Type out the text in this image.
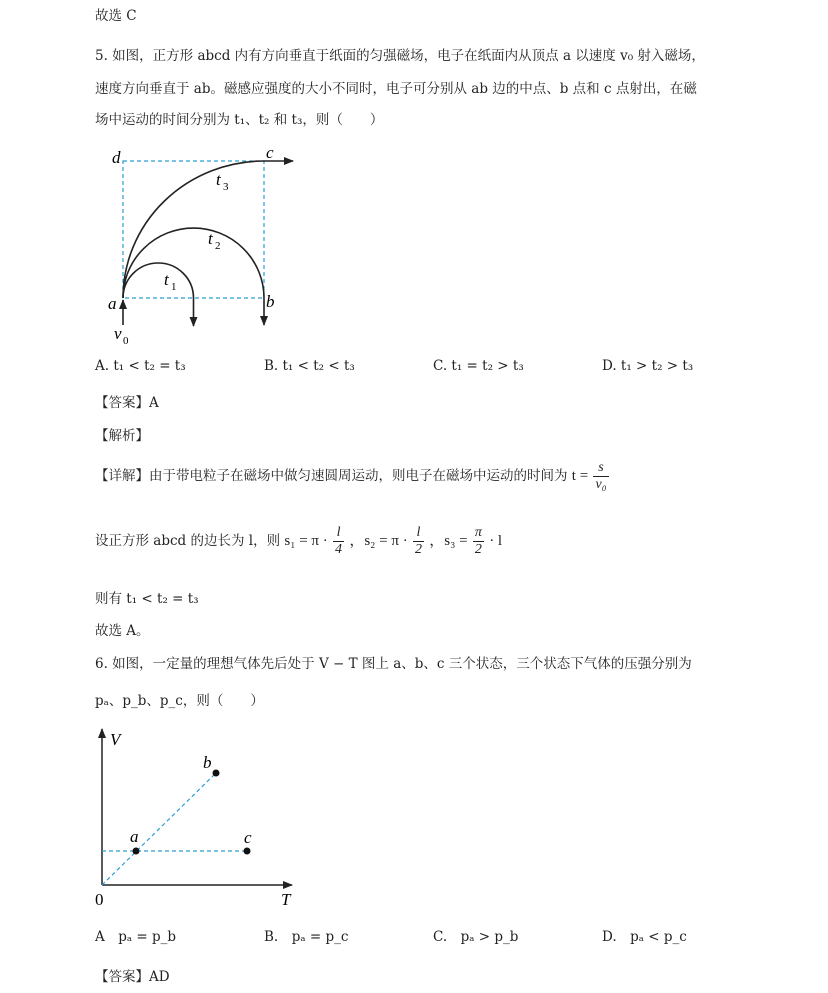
故选 C
5. 如图，正方形 abcd 内有方向垂直于纸面的匀强磁场，电子在纸面内从顶点 a 以速度 v₀ 射入磁场，
速度方向垂直于 ab。磁感应强度的大小不同时，电子可分别从 ab 边的中点、b 点和 c 点射出，在磁
场中运动的时间分别为 t₁、t₂ 和 t₃，则（　　）
d	c
a	b
t 3
t 2
t 1
v 0
A. t₁ < t₂ = t₃	B. t₁ < t₂ < t₃	C. t₁ = t₂ > t₃	D. t₁ > t₂ > t₃
【答案】A
【解析】
【详解】由于带电粒子在磁场中做匀速圆周运动，则电子在磁场中运动的时间为 $t = \frac{s}{\text{v₀}}$
设正方形 abcd 的边长为 l，则 $s_1 = \pi \cdot \frac{l}{4}$ ，$s_2 = \pi \cdot \frac{l}{2}$ ，$s_3 = \frac{\pi}{2} \cdot l$
则有 t₁ < t₂ = t₃
故选 A。
6. 如图，一定量的理想气体先后处于 V − T 图上 a、b、c 三个状态，三个状态下气体的压强分别为
pₐ、p_b、p_c，则（　　）
V
T
0
a
b
c
A　pₐ = p_b	B.　pₐ = p_c	C.　pₐ > p_b	D.　pₐ < p_c
【答案】AD
